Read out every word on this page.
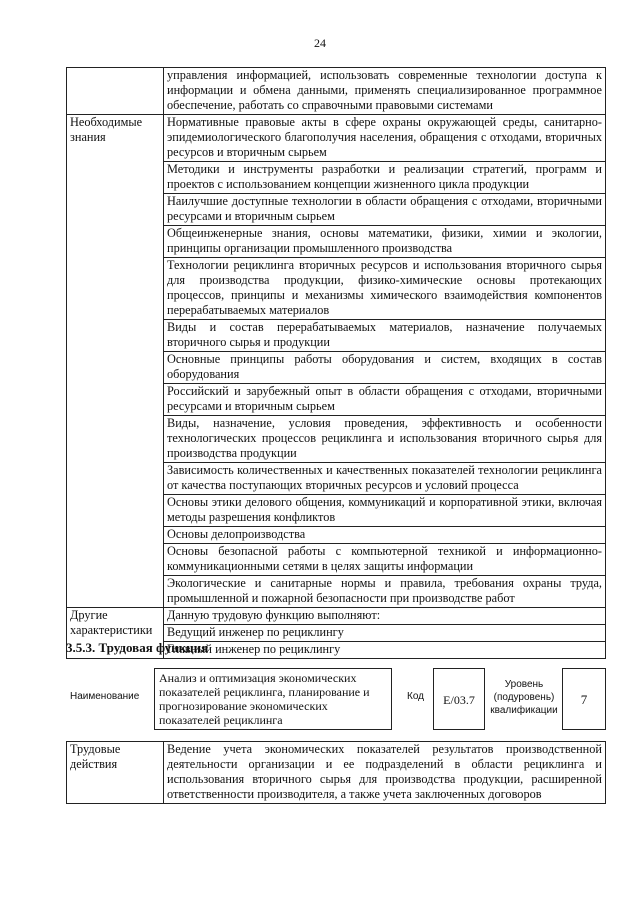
24
	управления информацией, использовать современные технологии доступа к информации и обмена данными, применять специализированное программное обеспечение, работать со справочными правовыми системами
Необходимые знания	Нормативные правовые акты в сфере охраны окружающей среды, санитарно-эпидемиологического благополучия населения, обращения с отходами, вторичных ресурсов и вторичным сырьем
	Методики и инструменты разработки и реализации стратегий, программ и проектов с использованием концепции жизненного цикла продукции
	Наилучшие доступные технологии в области обращения с отходами, вторичными ресурсами и вторичным сырьем
	Общеинженерные знания, основы математики, физики, химии и экологии, принципы организации промышленного производства
	Технологии рециклинга вторичных ресурсов и использования вторичного сырья для производства продукции, физико-химические основы протекающих процессов, принципы и механизмы химического взаимодействия компонентов перерабатываемых материалов
	Виды и состав перерабатываемых материалов, назначение получаемых вторичного сырья и продукции
	Основные принципы работы оборудования и систем, входящих в состав оборудования
	Российский и зарубежный опыт в области обращения с отходами, вторичными ресурсами и вторичным сырьем
	Виды, назначение, условия проведения, эффективность и особенности технологических процессов рециклинга и использования вторичного сырья для производства продукции
	Зависимость количественных и качественных показателей технологии рециклинга от качества поступающих вторичных ресурсов и условий процесса
	Основы этики делового общения, коммуникаций и корпоративной этики, включая методы разрешения конфликтов
	Основы делопроизводства
	Основы безопасной работы с компьютерной техникой и информационно-коммуникационными сетями в целях защиты информации
	Экологические и санитарные нормы и правила, требования охраны труда, промышленной и пожарной безопасности при производстве работ
Другие характеристики	Данную трудовую функцию выполняют:
	Ведущий инженер по рециклингу
	Главный инженер по рециклингу
3.5.3. Трудовая функция
Наименование
Анализ и оптимизация экономических показателей рециклинга, планирование и прогнозирование экономических показателей рециклинга
Код	E/03.7
Уровень (подуровень) квалификации
7
Трудовые действия	Ведение учета экономических показателей результатов производственной деятельности организации и ее подразделений в области рециклинга и использования вторичного сырья для производства продукции, расширенной ответственности производителя, а также учета заключенных договоров
